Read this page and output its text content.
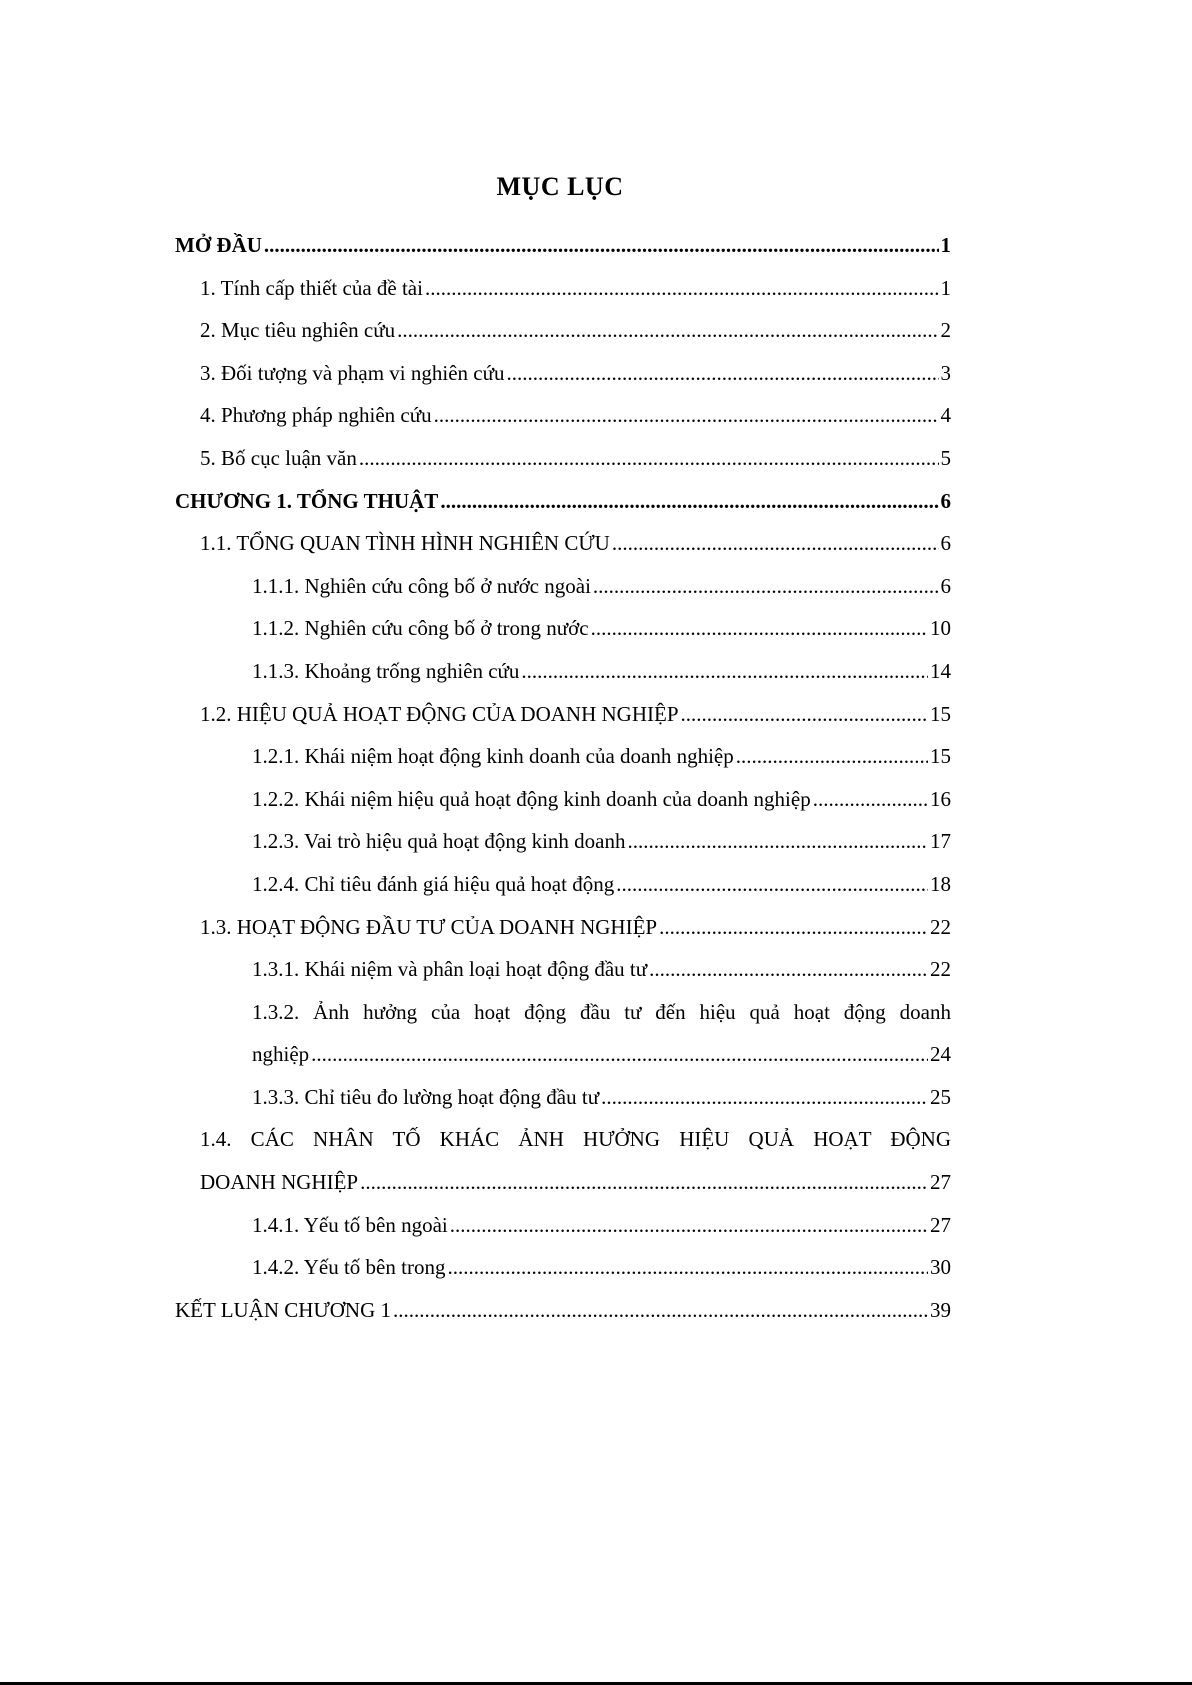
MỤC LỤC
MỞ ĐẦU .....	1
1. Tính cấp thiết của đề tài .....	1
2. Mục tiêu nghiên cứu .....	2
3. Đối tượng và phạm vi nghiên cứu .....	3
4. Phương pháp nghiên cứu .....	4
5. Bố cục luận văn .....	5
CHƯƠNG 1. TỔNG THUẬT .....	6
1.1. TỔNG QUAN TÌNH HÌNH NGHIÊN CỨU .....	6
1.1.1. Nghiên cứu công bố ở nước ngoài .....	6
1.1.2. Nghiên cứu công bố ở trong nước .....	10
1.1.3. Khoảng trống nghiên cứu .....	14
1.2. HIỆU QUẢ HOẠT ĐỘNG CỦA DOANH NGHIỆP .....	15
1.2.1. Khái niệm hoạt động kinh doanh của doanh nghiệp .....	15
1.2.2. Khái niệm hiệu quả hoạt động kinh doanh của doanh nghiệp .....	16
1.2.3. Vai trò hiệu quả hoạt động kinh doanh .....	17
1.2.4. Chỉ tiêu đánh giá hiệu quả hoạt động .....	18
1.3. HOẠT ĐỘNG ĐẦU TƯ CỦA DOANH NGHIỆP .....	22
1.3.1. Khái niệm và phân loại hoạt động đầu tư .....	22
1.3.2. Ảnh hưởng của hoạt động đầu tư đến hiệu quả hoạt động doanh
nghiệp .....	24
1.3.3. Chỉ tiêu đo lường hoạt động đầu tư .....	25
1.4. CÁC NHÂN TỐ KHÁC ẢNH HƯỞNG HIỆU QUẢ HOẠT ĐỘNG
DOANH NGHIỆP .....	27
1.4.1. Yếu tố bên ngoài .....	27
1.4.2. Yếu tố bên trong .....	30
KẾT LUẬN CHƯƠNG 1 .....	39
